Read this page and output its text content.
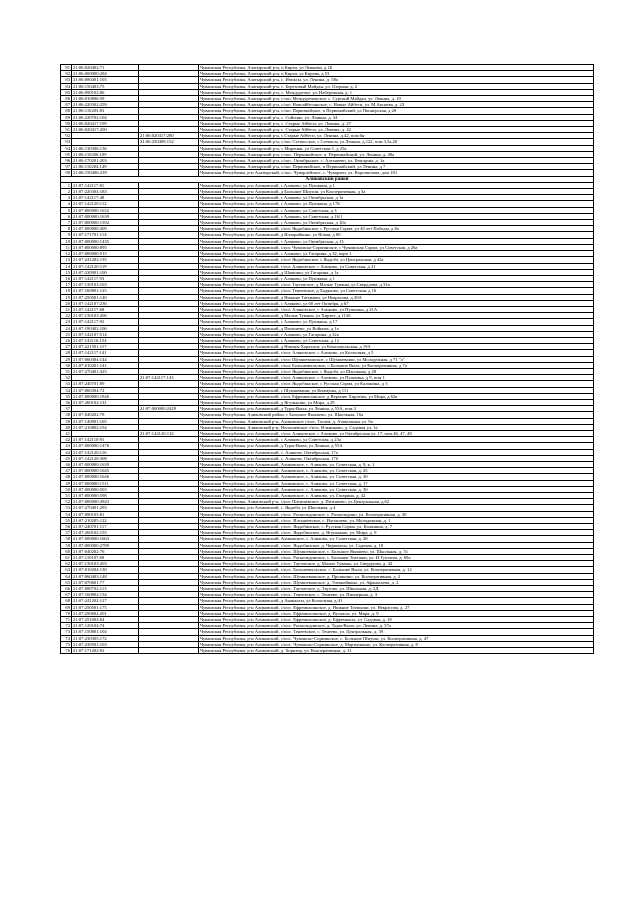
81	21:06:020402:71		Чувашская Республика, Алатырский р-н, п Кирзи, ул Лежнева, д 1Б
82	21:06:000000:284		Чувашская Республика, Алатырский р-н, п Кирзи, ул Кирова, д 53
83	21:06:080401:103		Чувашская Республика, Алатырский р-н, с. Ичиксы, ул. Ленина, д. 58а
84	21:06:150403:75		Чувашская Республика, Алатырский р-н, с. Березовый Майдан, ул. Озерная, д. 2
85	21:06:090102:86		Чувашская Республика, Алатырский р-н, с. Междуречье, ул. Набережная, д. 1
86	21:06:010806:58		Чувашская Республика, Алатырский р-н, с/пос Междуреченское, с. Сурский Майдан, ул. Ленина, д. 10
87	21:06:220302:259		Чувашская Республика, Алатырский р-н, с/пос Новоайбесинское, с. Новые Айбеси, ул. М.Аксиева, д. 23
88	21:06:110203:83		Чувашская Республика, Алатырский р-н, с/пос Первомайское, п Первомайский, ул Пионерская, д 20
89	21:06:220702:104		Чувашская Республика, Алатырский р-н, с. Сойгино, ул. Ленина, д. 34
90	21:06:020417:199		Чувашская Республика, Алатырский р-н, с. Старые Айбеси, ул. Ленина, д. 27
91	21:06:020417:200		Чувашская Республика, Алатырский р-н, с. Старые Айбеси, ул. Ленина, д. 42
92		21:06:020417:280	Чувашская Республика, Алатырский р-н, с.Старые Айбеси, ул. Ленина, д.42, пом.6н
93		21:06:250408:152	Чувашская Республика, Алатырский р-н, с/пос Стемасское, с.Стемасы, ул.Ленина, д.122, пом.3,3а,20
94	21:06:130306:136		Чувашская Республика, Алатырский р-н, с Миренки, ул Советская-1, д 25а
95	21:06:110206:109		Чувашская Республика, Алатырский р-н, с/пос. Первомайское, п. Первомайский, ул. Ленина, д. 48а
96	21:06:170201:203		Чувашская Республика, Алатырский р-н, с/пос. Октябрьское, с. Алтышево, ул. Бекоцина, д. 1а
97	21:06:110204:149		Чувашская Республика, Алатырский р-н, с/пос Первомайское, п Первомайский, ул Ленина, д 7
98	21:06:150406:239		Чувашская Республика, р-н Алатырский, с/пос. Чуварлейское, с. Чуварлеи, ул. Ворошилова, дом 181
Аликовский район			
1	21:07:142117:81		Чувашская Республика, р-н Аликовский, с Аликово, ул Пушкина, д 1
2	21:07:220304:183		Чувашская Республика, р-н Аликовский, д Большие Шиуши, ул Кооперативная, д 3а
3	21:07:142117:48		Чувашская Республика, р-н Аликовский, с Аликово, ул Октябрьская, д 1а
4	21:07:142120:112		Чувашская Республика, р-н Аликовский, с Аликово, ул Пушкина, д 17Б
5	21:07:000000:1632		Чувашская Республика, р-н Аликовский, с Аликово, ул Советская, д 3
6	21:07:000000:1639		Чувашская Республика, р-н Аликовский, с Аликово, ул Советская, д 16/1
7	21:07:000000:1392		Чувашская Республика, р-н Аликовский, с Аликово, ул Октябрьская, д 10а
8	21:07:000000:309		Чувашская Республика, р-н Аликовский, с/пос Яндобинское, с Русская Сорма, ул 40 лет Победы, д 8а
9	21:07:171701:114		Чувашская Республика, р-н Аликовский, д Илларайкино, ул Новая, д 80
10	21:07:000000:1435		Чувашская Республика, р-н Аликовский, с Аликово, ул Октябрьская, д 13
11	21:07:000000:895		Чувашская Республика, р-н Аликовский, с/пос Чувашско-Сорминское, с Чувашская Сорма, ул Советская, д 26а
12	21:07:000000:515		Чувашская Республика, р-н Аликовский, с Аликово, ул Гагарина, д 32, корп 1
13	21:07:241202:135		Чувашская Республика, р-н Аликовский, с/пос Яндобинское, с Яндоба, ул Центральная, д 42а
14	21:07:142120:119		Чувашская Республика, р-н Аликовский, с/пос Аликовское, с Аликово, ул Советская, д 31
15	21:07:230901:100		Чувашская Республика, р-н Аликовский, д Шапкино, ул Гагарина, д 1а
16	21:07:142117:93		Чувашская Республика, р-н Аликовский, с Аликово, ул Пушкина, д 1
17	21:07:130103:163		Чувашская Республика, р-н Аликовский, с/пос Таутовское, д Малые Туваны, ул Свердлова, д 31а
18	21:07:160801:125		Чувашская Республика, р-н Аликовский, с/пос Тенеевское, д Ходяково, ул Советская, д 16
19	21:07:250501:140		Чувашская Республика, р-н Аликовский, д Нижние Татмыши, ул Некрасова, д 20А
20	21:07:142107:236		Чувашская Республика, р-н Аликовский, с Аликово, ул 60 лет Октября, д 67
21	21:07:142117:68		Чувашская Республика, р-н Аликовский, с/пос Аликовское, с Аликово, ул Пушкина, д 21А
22	21:07:130103:206		Чувашская Республика, р-н Аликовский, д Малые Туваны, ул Хирзех, д 113б
23	21:07:142117:92		Чувашская Республика, р-н Аликовский, с Аликово, ул Пушкина, д 17
24	21:07:190402:106		Чувашская Республика, р-н Аликовский, д Питишево, ул Войкова, д 1а
25	21:07:142107:514		Чувашская Республика, р-н Аликовский, с Аликово, ул Гагарина, д 32а
26	21:07:142116:154		Чувашская Республика, р-н Аликовский, с Аликово, ул Советская, д 12
27	21:07:221501:117		Чувашская Республика, р-н Аликовский, д Нишмы Хорахаси, ул Комсомольская, д 19А
28	21:07:142117:141		Чувашская Республика, р-н Аликовский, с/пос Аликовское, с Аликово, ул Колхозная, д 5
29	21:07:060304:144		Чувашская Республика, р-н Аликовский, с/пос Шумшевашское, с Шумшеваши, ул Молодежная, д 71 "а"
30	21:07:010201:141		Чувашская Республика, р-н Аликовский, с/пос Большевыльское, с Большие Выла, ул Кооперативная, д 7а
31	21:07:270401:325		Чувашская Республика, р-н Аликовский, с/пос Яндобинское, с Яндоба, ул Школьная, д 28
32		21:07:142117:143	Чувашская Республика, р-н Аликовский, с/пос Аликовское, с Аликово, ул Пушкина, д 9, пом 1
33	21:07:240701:89		Чувашская Республика, р-н Аликовский, с/пос Яндобинское, с Русская Сорма, ул Калинина, д 3
34	21:07:060304:72		Чувашская Республика, р-н Аликовский, с Шумшеваши, ул Коммуны, д 111
35	21:07:000000:1846		Чувашская Республика, р-н Аликовский, с/пос Ефремкасинское, д Верхние Хирлепы, ул Мира, д 62в
36	21:07:260102:131		Чувашская Республика, р-н Аликовский, д Ягунькино, ул Мира, д 29
37		21:07:000000:2429	Чувашская Республика, р-н Аликовский, д Туры-Выла, ул Ленина, д 55А, пом.3
38	21:07:040202:78		Чувашская Республика, Аликовский район, с Большое Ямашево, ул. Школьная, 16а
39	21:07:140901:165		Чувашская Республика, Аликовский р-н, Аликовское с/пос, Тогаев, д. Ачаксмалка ул. 9а
40	21:07:210802:154		Чувашская Республика, Аликовский р-н, Илгышевское с/пос, Ильинково, д. Садовая ул, 1а
41		21:07:142120:132	Чувашская Республика, р-н Аликовский, с/пос Аликовское, с Аликово, ул Октябрьская ул, 17, пом.46, 47, 48
42	21:07:142110:91		Чувашская Республика, р-н Аликовский, с Аликово, ул Советская, д 23а
43	21:07:000000:1476		Чувашская Республика, р-н Аликовский, д Туры-Выла, ул Ленина, д 55А
44	21:07:142120:116		Чувашская Республика, р-н Аликовский, с. Аликово, Октябрьская, 17а
45	21:07:142120:308		Чувашская Республика, р-н Аликовский, с. Аликово, Октябрьская, 17б
46	21:07:000000:1639		Чувашская Республика, р-н Аликовский, Аликовское, с. Аликово, ул. Советская, д. 9, к. 1
47	21:07:000000:1645		Чувашская Республика, р-н Аликовский, Аликовское, с. Аликово, ул. Советская, д. 25
48	21:07:000000:1646		Чувашская Республика, р-н Аликовский, Аликовское, с. Аликово, ул. Советская, д. 30
49	21:07:000000:1511		Чувашская Республика, р-н Аликовский, Аликовское, с. Аликово, ул. Советская, д. 17
50	21:07:000000:503		Чувашская Республика, р-н Аликовский, Аликовское, с. Аликово, ул. Советская, д. 30
51	21:07:000000:598		Чувашская Республика, р-н Аликовский, Аликовское, с. Аликово, ул. Гагарина, д. 42
52	21:07:000000:2843		Чувашская Республика, Аликовский р-н, с/пос Питишевское, д. Питишево, ул.Центральная, д.62
53	21:07:270401:293		Чувашская Республика, р-н Аликовский, с. Яндоба, ул Школьная, д 4
54	21:07:090105:81		Чувашская Республика, р-н Аликовский, с/пос. Раскильдинское, с. Раскильдино, ул. Кооперативная, д. 30
55	21:07:210205:122		Чувашская Республика, р-н Аликовский, с/пос. Илгышевское, с. Илгышево, ул. Молодежная, д. 1
56	21:07:240701:117		Чувашская Республика, р-н Аликовский, с/пос. Яндобинское, с. Русская Сорма, ул. Калинина, д. 7
57	21:07:260102:155		Чувашская Республика, р-н Аликовский, с/пос. Яндобинское, д. Ягунькино, ул. Мира, д. 9
58	21:07:000000:1663		Чувашская Республика, р-н Аликовский, Аликовское, с. Аликово, ул. Советская, д. 28
59	21:07:000000:2789		Чувашская Республика, р-н Аликовский, с/пос. Яндобинское, д. Чиршкасы, ул. Садовая, д. 18
60	21:07:040202:76		Чувашская Республика, р-н Аликовский, с/пос. Шумшевашское, с. Большое Ямашево, ул. Школьная, д. 51
61	21:07:110107:69		Чувашская Республика, р-н Аликовский, с/пос. Раскильдинское, с. Большие Токташи, ул. И.Тукташа, д. 69а
62	21:07:130103:203		Чувашская Республика, р-н Аликовский, с/пос. Таутовское, д. Малые Туваны, ул. Свердлова, д. 42
63	21:07:010204:130		Чувашская Республика, р-н Аликовский, с/пос. Большевыльское, с. Большие Выла, ул. Кооперативная, д. 12
64	21:07:060403:148		Чувашская Республика, р-н Аликовский, с/пос. Шумшевашское, д. Прошкино, ул. Кооперативная, д. 2
65	21:07:070601:77		Чувашская Республика, р-н Аликовский, с/пос. Шумшевашское, д. Элеккейкино, ул. Афанасьева, д. 2
66	21:07:080702:113		Чувашская Республика, р-н Аликовский, с/пос. Таутовское, д. Таутово, ул. Школьная, д. 2Д
67	21:07:160802:134		Чувашская Республика, р-н Аликовский, с/пос. Тенеевское, с. Тенеево, ул. Пионерная, д. 3
68	21:07:241202:127		Чувашская Республика, р-н Аликовский, д Ананкасы, ул Колхозная, д.41
69	21:07:250501:175		Чувашская Республика, р-н Аликовский, с/пос. Ефремкасинское, д. Нижние Татмыши, ул. Некрасова, д. 27
70	21:07:250602:201		Чувашская Республика, р-н Аликовский, с/пос. Ефремкасинское, д. Вускасы, ул. Мира, д. 9
71	21:07:251002:64		Чувашская Республика, р-н Аликовский, с/пос. Ефремкасинское, д. Ефремкасы, ул. Садовая, д. 18
72	21:07:120104:74		Чувашская Республика, р-н Аликовский, с/пос. Раскильдинское, д. Туры-Выла, ул. Ленина, д. 57а
73	21:07:150801:104		Чувашская Республика, р-н Аликовский, с/пос. Тенеевское, с. Тенеево, ул. Центральная, д. 39
74	21:07:230305:172		Чувашская Республика, р-н Аликовский, с/пос. Чувашско-Сорминское, с. Большие Шиуши, ул. Кооперативная, д. 47
75	21:07:230501:103		Чувашская Республика, р-н Аликовский, с/пос. Чувашско-Сорминское, д. Мартынкино, ул. Кооперативная, д. 8
76	21:07:171202:92		Чувашская Республика, р-н Аликовский, д. Хорнзор, ул. Кооперативная, д. 31
